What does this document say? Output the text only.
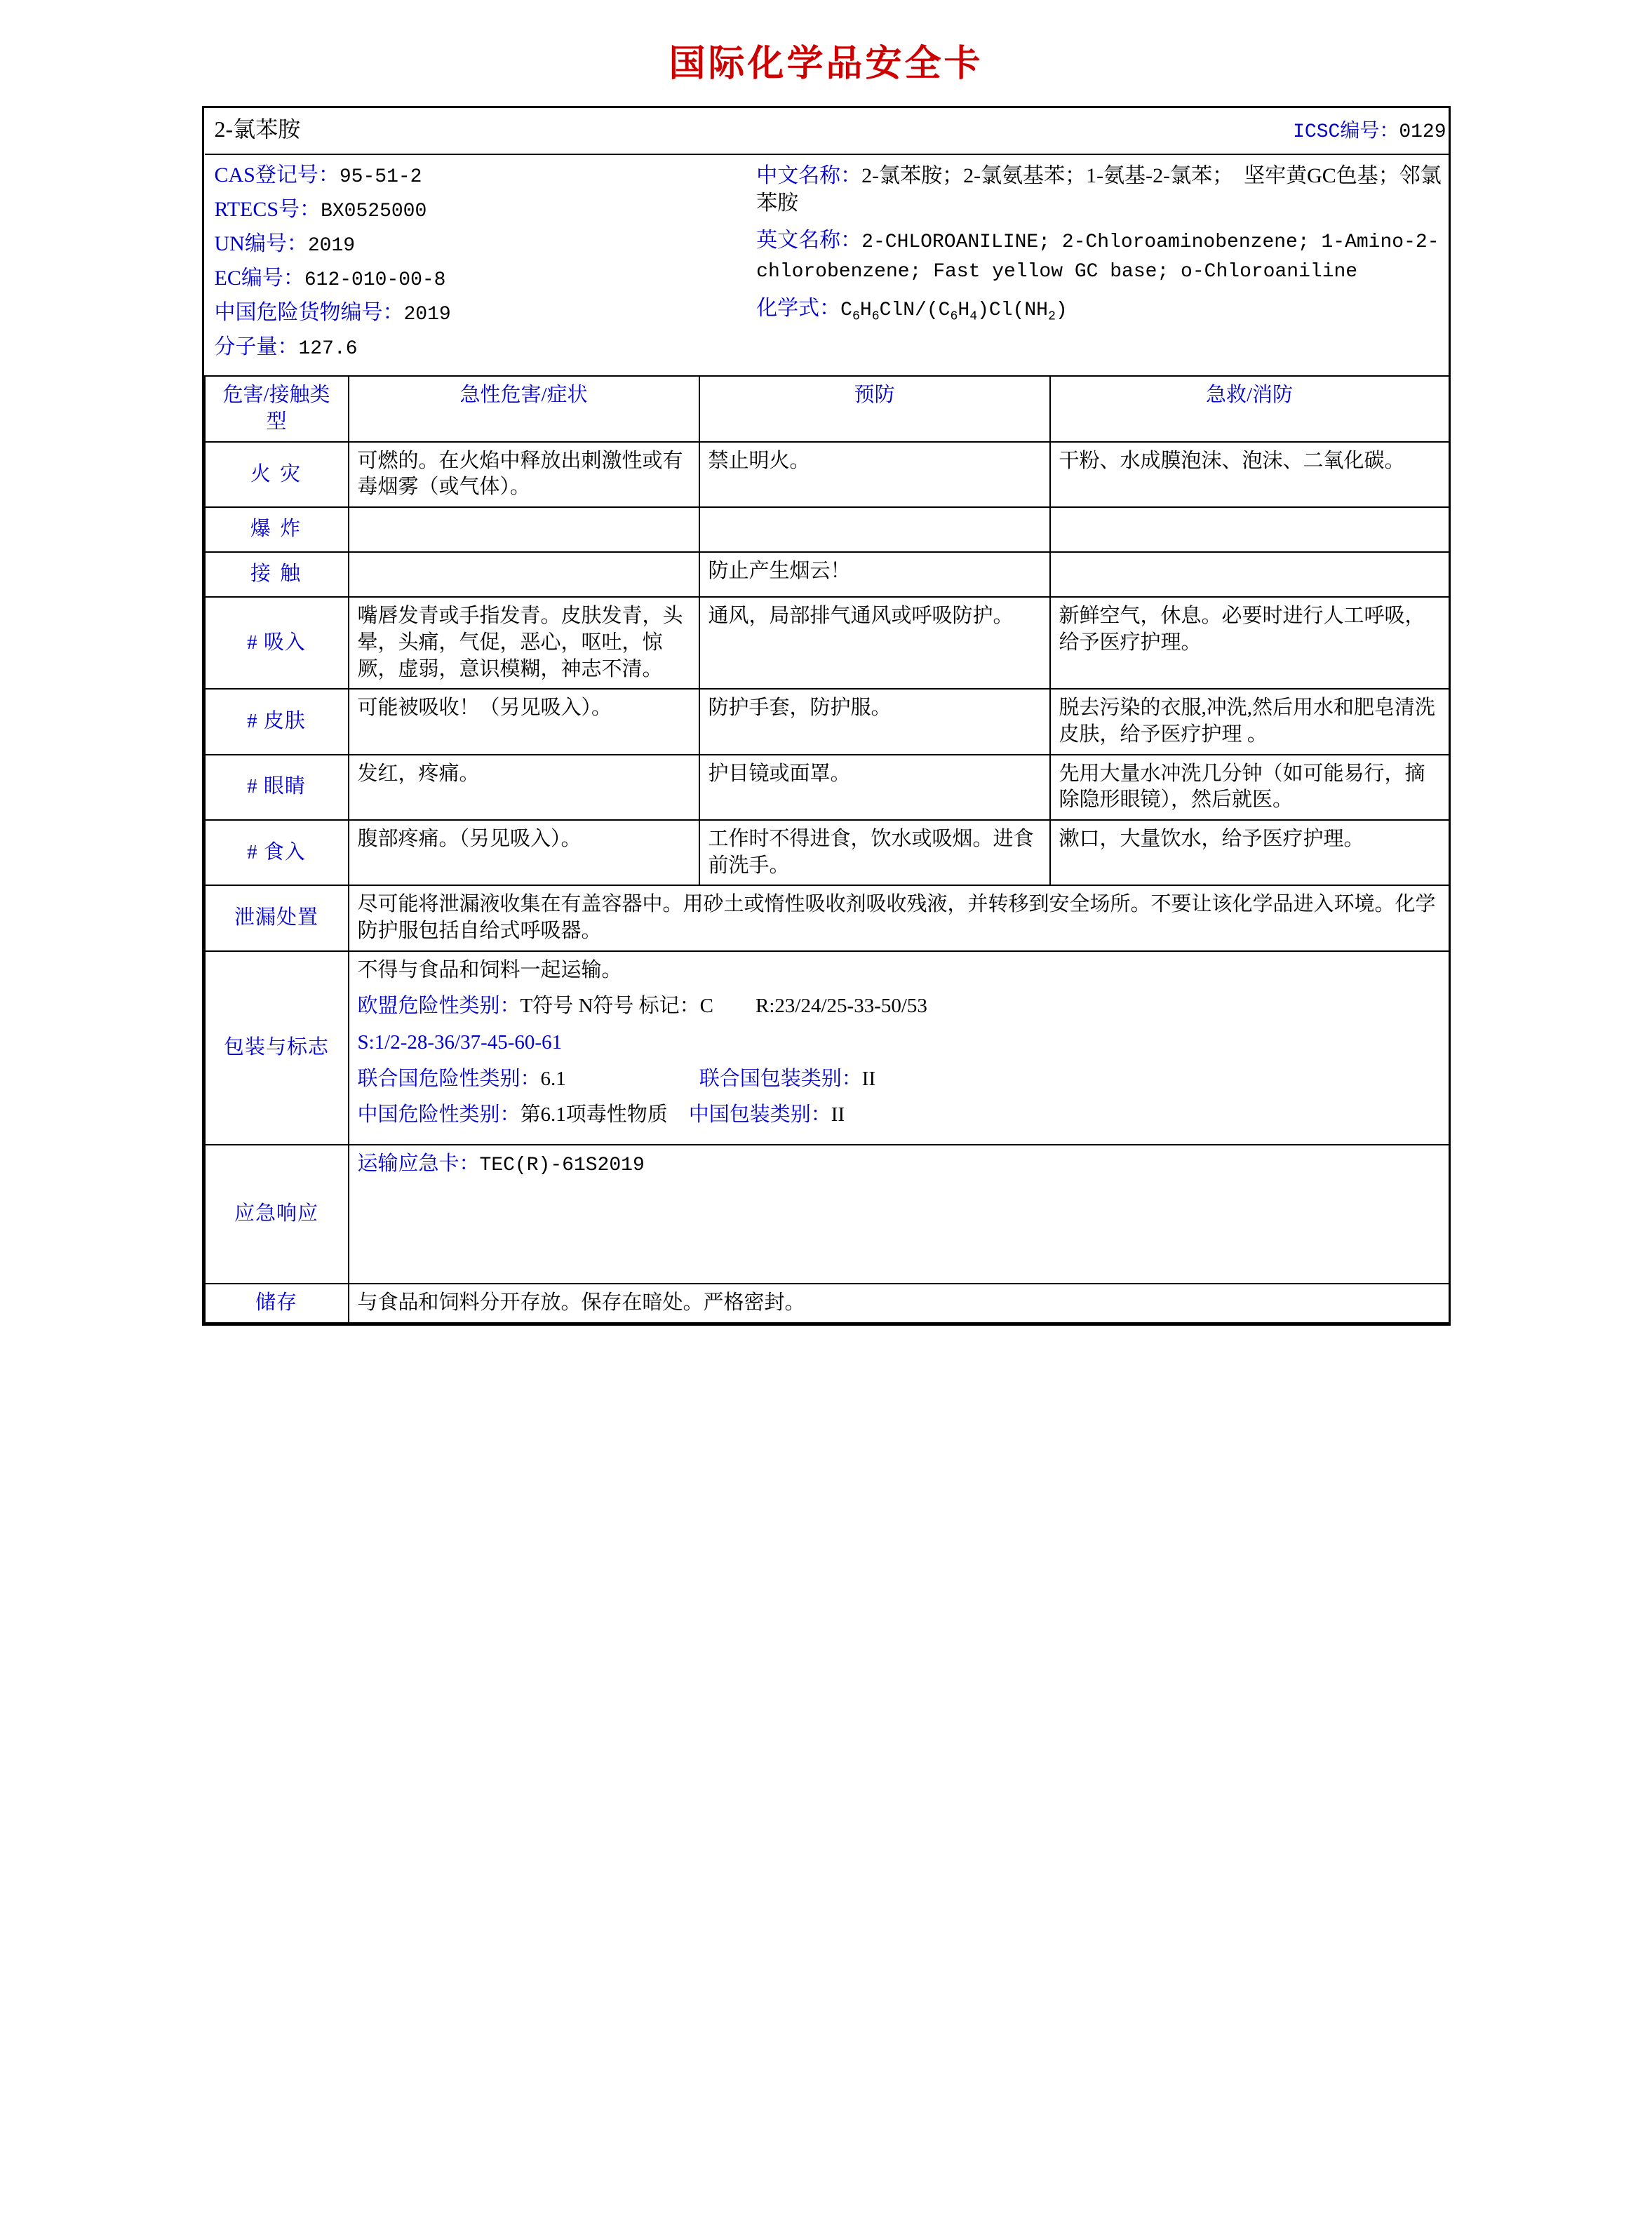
国际化学品安全卡
2-氯苯胺 ICSC编号：0129			

CAS登记号：95-51-2
RTECS号：BX0525000
UN编号：2019
EC编号：612-010-00-8
中国危险货物编号：2019
分子量：127.6
中文名称：2-氯苯胺；2-氯氨基苯；1-氨基-2-氯苯；　坚牢黄GC色基；邻氯苯胺
英文名称：2-CHLOROANILINE; 2-Chloroaminobenzene; 1-Amino-2-chlorobenzene; Fast yellow GC base; o-Chloroaniline
化学式：$C_6H_6ClN/(C_6H_4)Cl(NH_2)$

危害/接触类型	急性危害/症状	预防	急救/消防
火 灾	可燃的。在火焰中释放出刺激性或有毒烟雾（或气体）。	禁止明火。	干粉、水成膜泡沫、泡沫、二氧化碳。
爆 炸			
接 触		防止产生烟云！	
# 吸入	嘴唇发青或手指发青。皮肤发青，头晕，头痛，气促，恶心，呕吐，惊厥，虚弱，意识模糊，神志不清。	通风，局部排气通风或呼吸防护。	新鲜空气，休息。必要时进行人工呼吸，给予医疗护理。
# 皮肤	可能被吸收！（另见吸入）。	防护手套，防护服。	脱去污染的衣服,冲洗,然后用水和肥皂清洗皮肤，给予医疗护理 。
# 眼睛	发红，疼痛。	护目镜或面罩。	先用大量水冲洗几分钟（如可能易行，摘除隐形眼镜），然后就医。
# 食入	腹部疼痛。（另见吸入）。	工作时不得进食，饮水或吸烟。进食前洗手。	漱口，大量饮水，给予医疗护理。
泄漏处置	尽可能将泄漏液收集在有盖容器中。用砂土或惰性吸收剂吸收残液，并转移到安全场所。不要让该化学品进入环境。化学防护服包括自给式呼吸器。		
包装与标志	不得与食品和饲料一起运输。
欧盟危险性类别：T符号 N符号 标记：C R:23/24/25-33-50/53
S:1/2-28-36/37-45-60-61
联合国危险性类别：6.1 联合国包装类别：II
中国危险性类别：第6.1项毒性物质 中国包装类别：II		

应急响应	运输应急卡：TEC(R)-61S2019		

储存	与食品和饲料分开存放。保存在暗处。严格密封。		
